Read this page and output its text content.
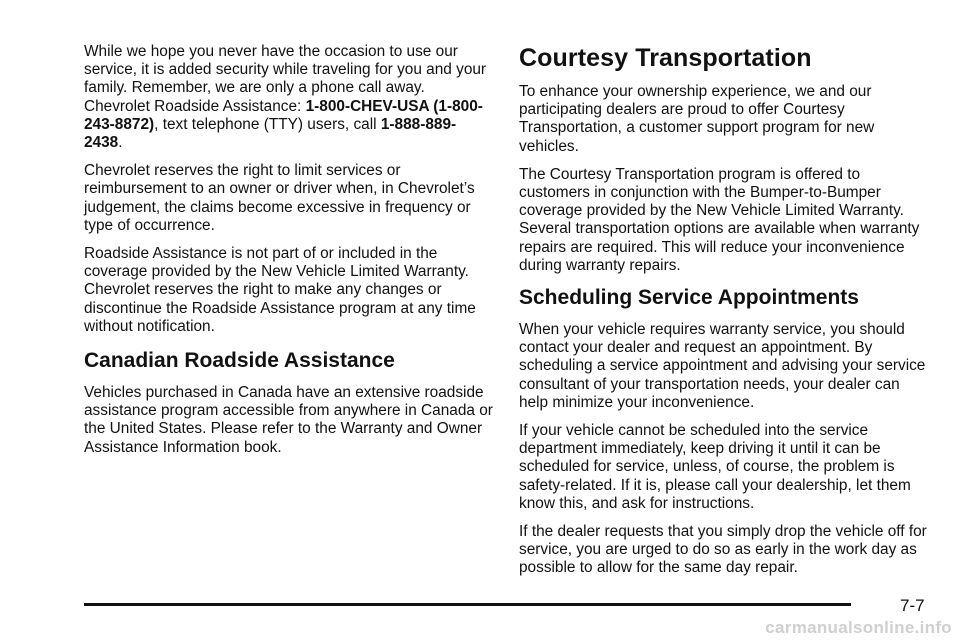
While we hope you never have the occasion to use our service, it is added security while traveling for you and your family. Remember, we are only a phone call away. Chevrolet Roadside Assistance: 1-800-CHEV-USA (1-800-243-8872), text telephone (TTY) users, call 1-888-889-2438.

Chevrolet reserves the right to limit services or reimbursement to an owner or driver when, in Chevrolet’s judgement, the claims become excessive in frequency or type of occurrence.

Roadside Assistance is not part of or included in the coverage provided by the New Vehicle Limited Warranty. Chevrolet reserves the right to make any changes or discontinue the Roadside Assistance program at any time without notification.

Canadian Roadside Assistance

Vehicles purchased in Canada have an extensive roadside assistance program accessible from anywhere in Canada or the United States. Please refer to the Warranty and Owner Assistance Information book.

Courtesy Transportation

To enhance your ownership experience, we and our participating dealers are proud to offer Courtesy Transportation, a customer support program for new vehicles.

The Courtesy Transportation program is offered to customers in conjunction with the Bumper-to-Bumper coverage provided by the New Vehicle Limited Warranty. Several transportation options are available when warranty repairs are required. This will reduce your inconvenience during warranty repairs.

Scheduling Service Appointments

When your vehicle requires warranty service, you should contact your dealer and request an appointment. By scheduling a service appointment and advising your service consultant of your transportation needs, your dealer can help minimize your inconvenience.

If your vehicle cannot be scheduled into the service department immediately, keep driving it until it can be scheduled for service, unless, of course, the problem is safety-related. If it is, please call your dealership, let them know this, and ask for instructions.

If the dealer requests that you simply drop the vehicle off for service, you are urged to do so as early in the work day as possible to allow for the same day repair.

7-7
carmanualsonline.info
